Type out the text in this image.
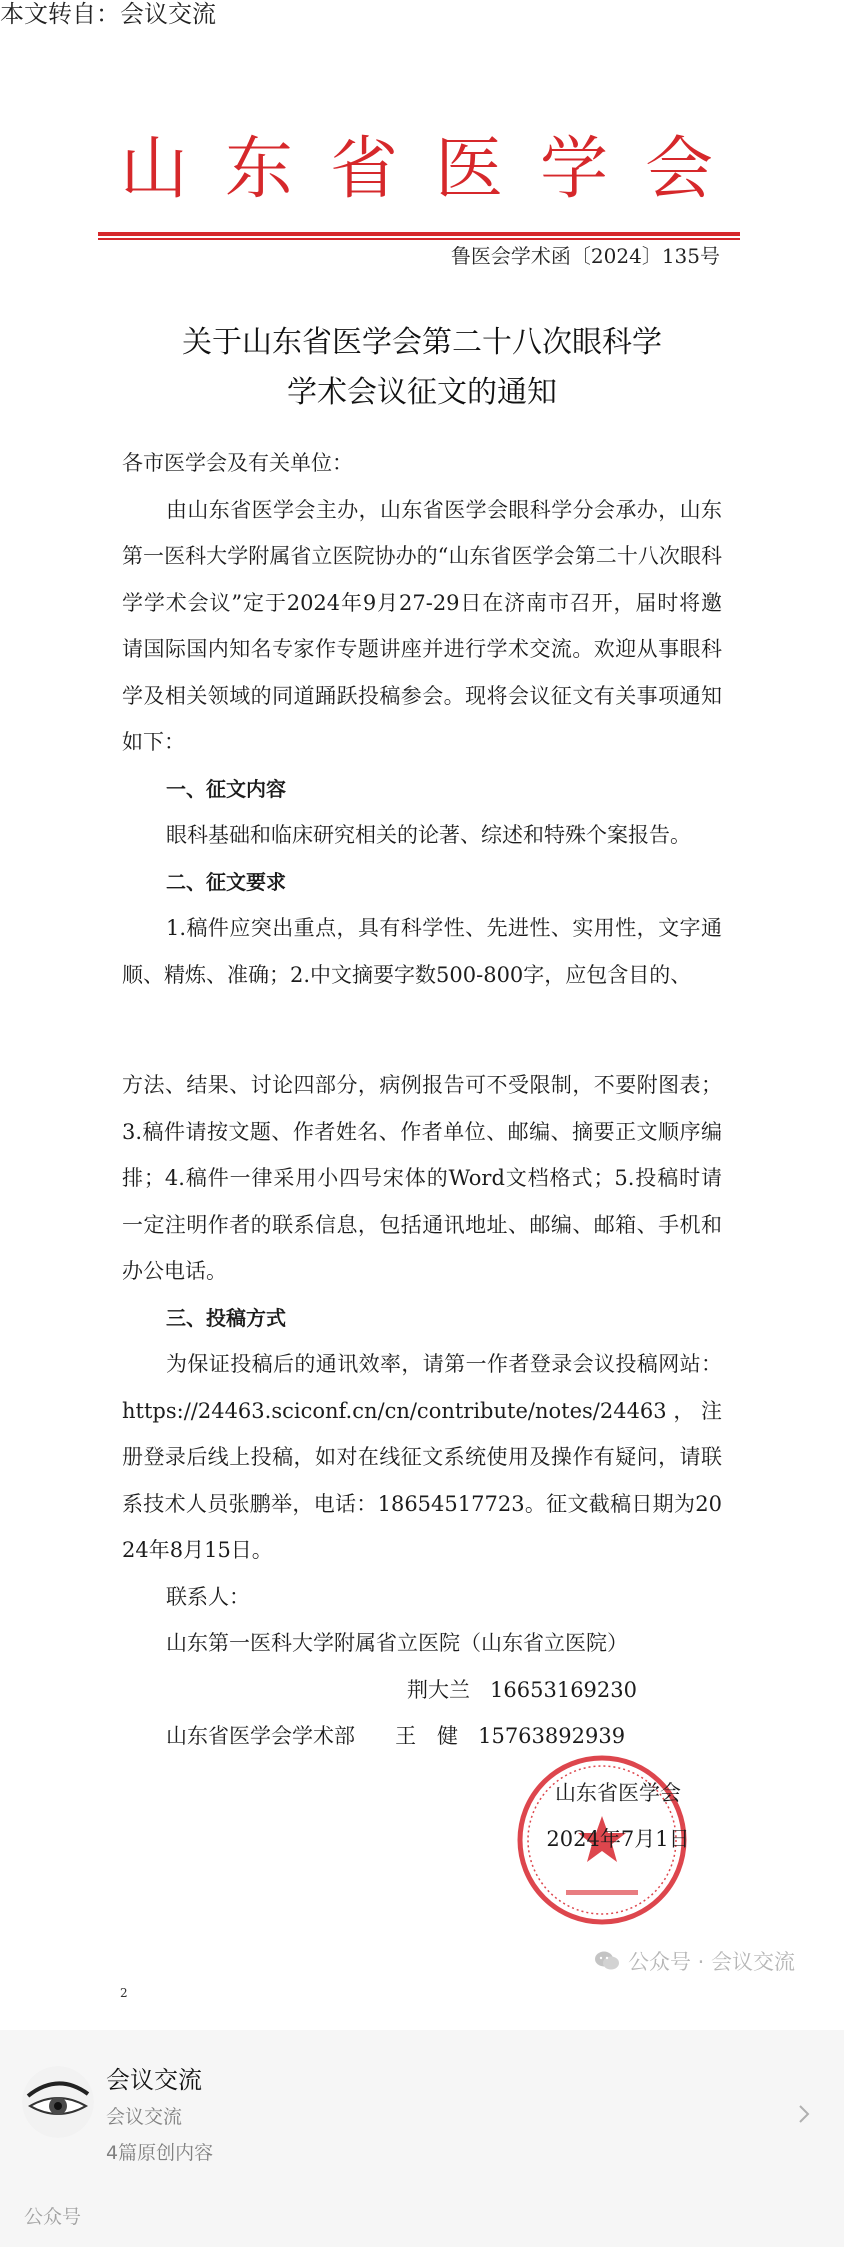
本文转自：会议交流
山东省医学会
鲁医会学术函〔2024〕135号
关于山东省医学会第二十八次眼科学
学术会议征文的通知

各市医学会及有关单位：

由山东省医学会主办，山东省医学会眼科学分会承办，山东第一医科大学附属省立医院协办的“山东省医学会第二十八次眼科学学术会议”定于2024年9月27-29日在济南市召开，届时将邀请国际国内知名专家作专题讲座并进行学术交流。欢迎从事眼科学及相关领域的同道踊跃投稿参会。现将会议征文有关事项通知如下：

一、征文内容

眼科基础和临床研究相关的论著、综述和特殊个案报告。

二、征文要求

1.稿件应突出重点，具有科学性、先进性、实用性，文字通顺、精炼、准确；2.中文摘要字数500-800字，应包含目的、

方法、结果、讨论四部分，病例报告可不受限制，不要附图表；3.稿件请按文题、作者姓名、作者单位、邮编、摘要正文顺序编排；4.稿件一律采用小四号宋体的Word文档格式；5.投稿时请一定注明作者的联系信息，包括通讯地址、邮编、邮箱、手机和办公电话。

三、投稿方式

为保证投稿后的通讯效率，请第一作者登录会议投稿网站：https://24463.sciconf.cn/cn/contribute/notes/24463，注册登录后线上投稿，如对在线征文系统使用及操作有疑问，请联系技术人员张鹏举，电话：18654517723。征文截稿日期为2024年8月15日。

联系人：

山东第一医科大学附属省立医院（山东省立医院）

荆大兰 16653169230

山东省医学会学术部 王　健 15763892939

山东省医学会
2024年7月1日
公众号 · 会议交流
2
会议交流
会议交流
4篇原创内容
公众号
